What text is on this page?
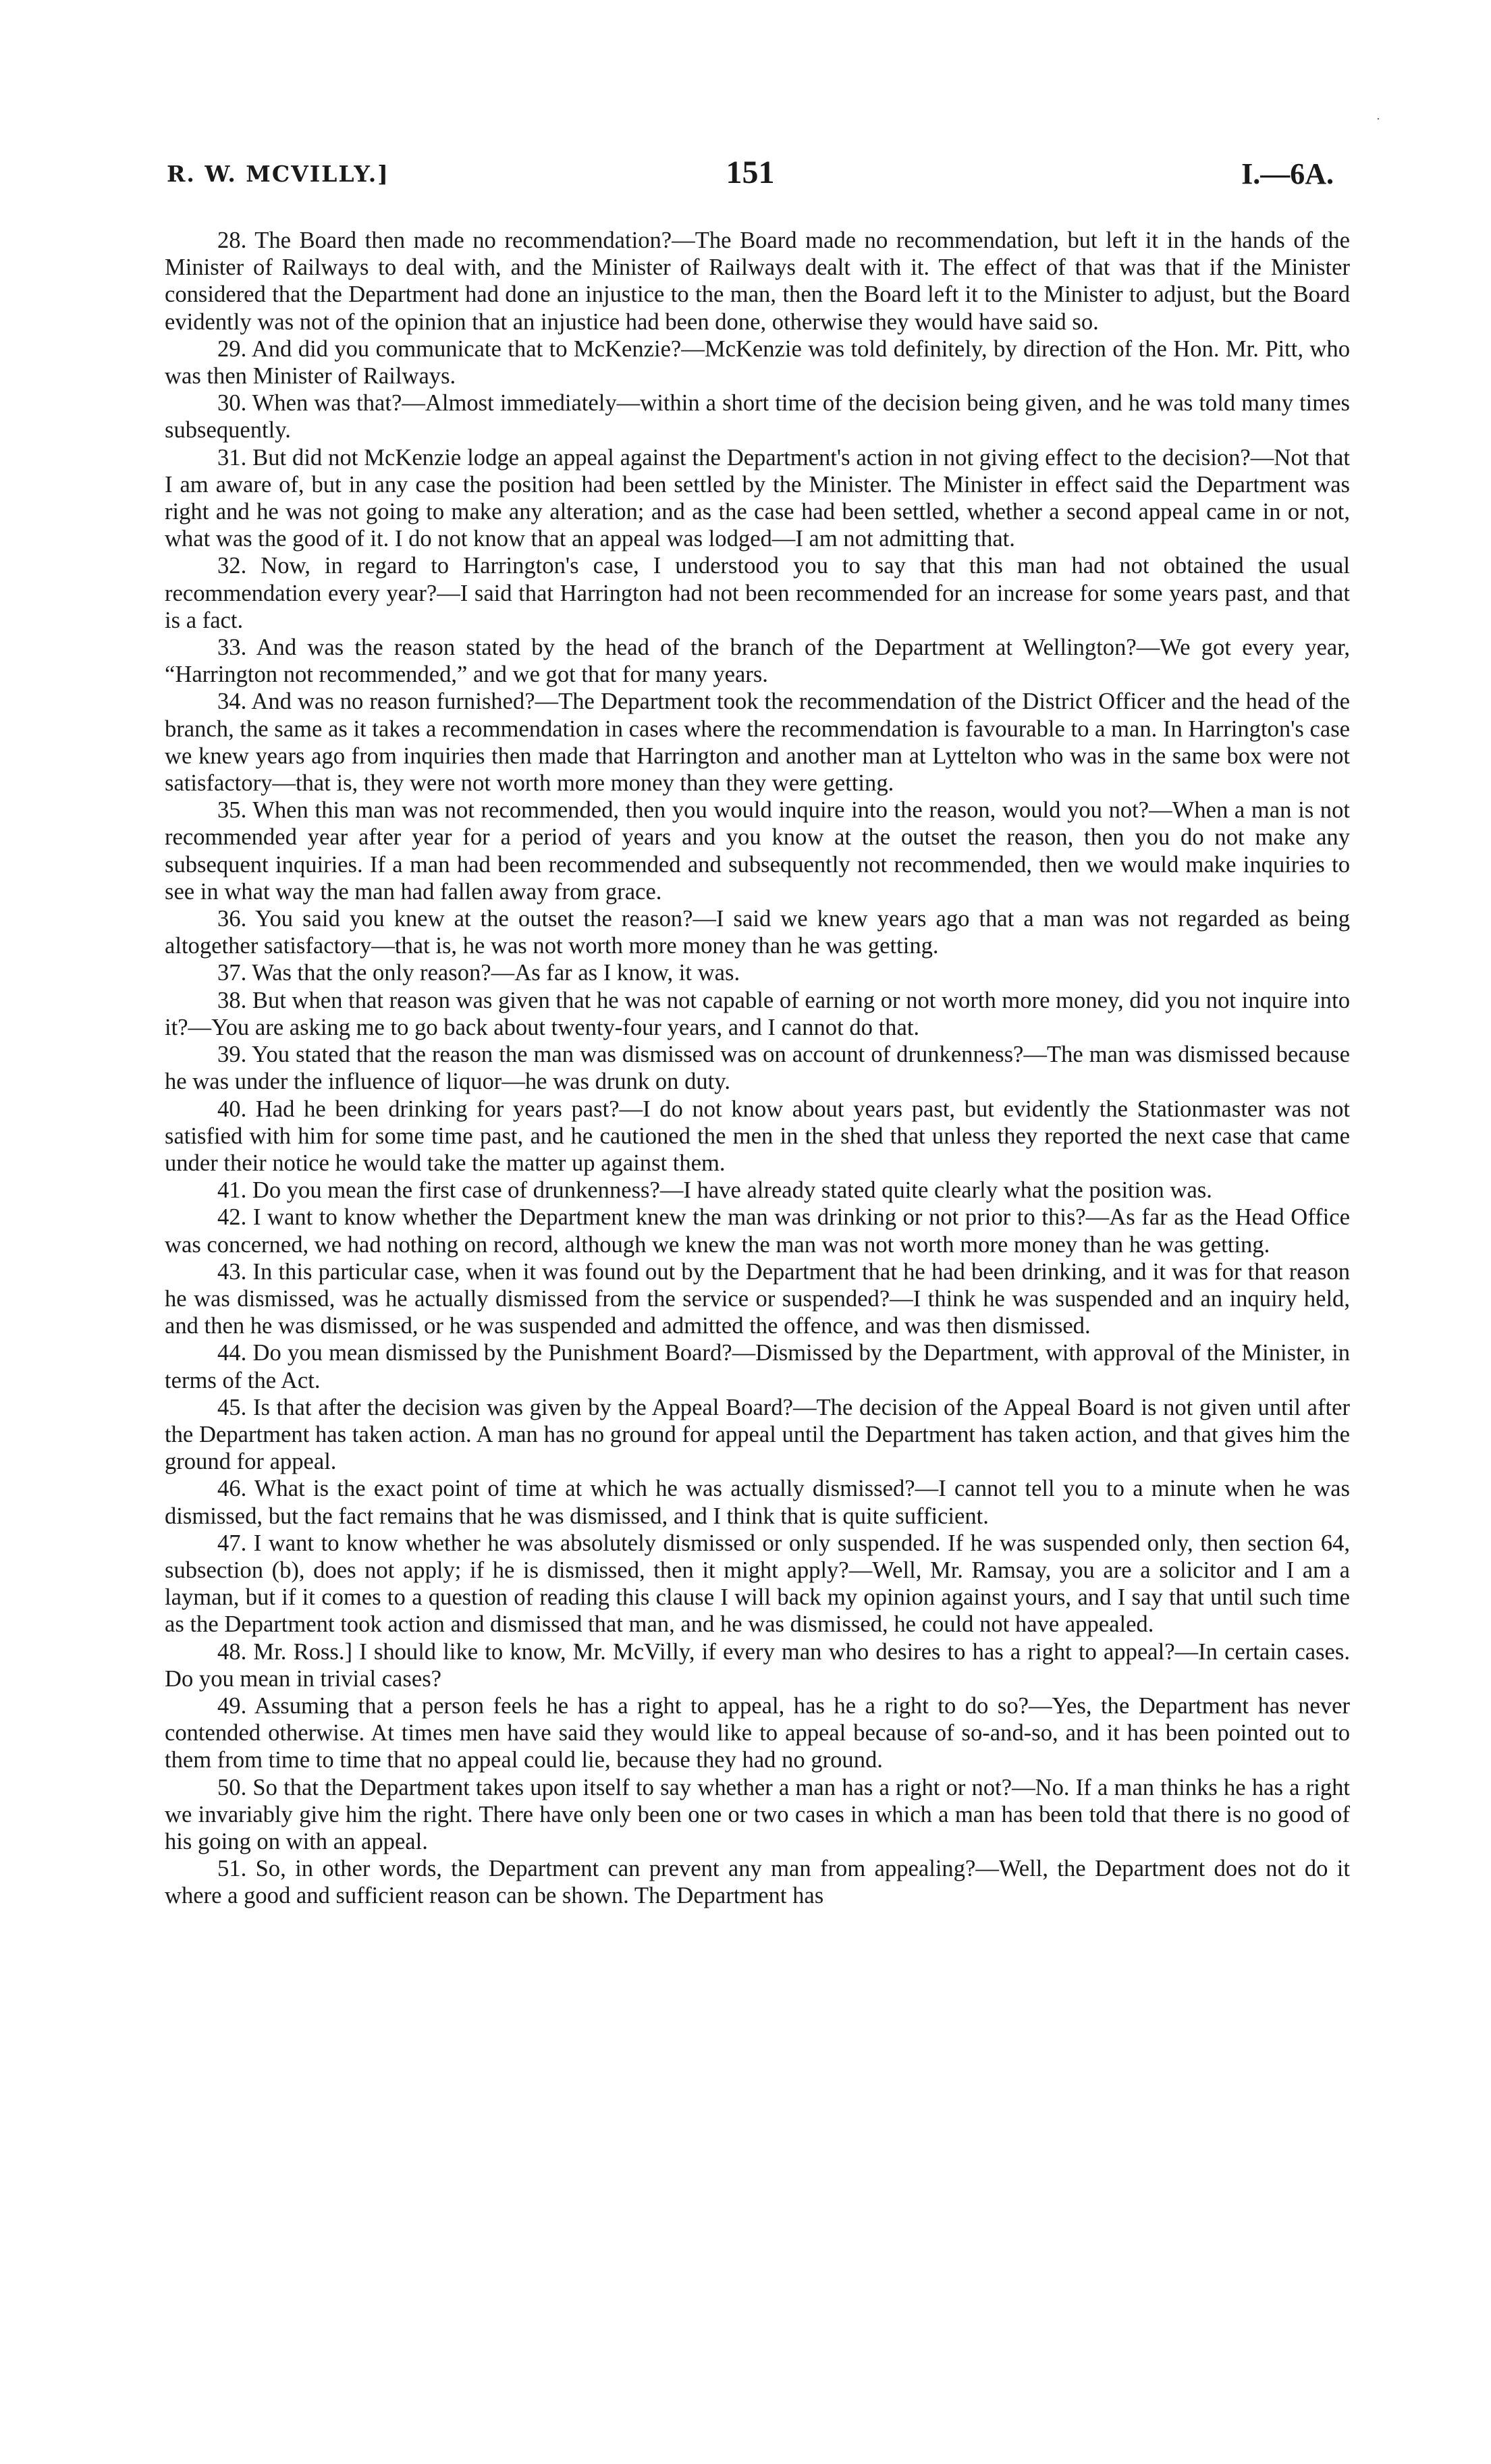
·
R. W. MCVILLY.]	151	I.—6A.

28. The Board then made no recommendation?—The Board made no recommendation, but left it in the hands of the Minister of Railways to deal with, and the Minister of Railways dealt with it. The effect of that was that if the Minister considered that the Department had done an injustice to the man, then the Board left it to the Minister to adjust, but the Board evidently was not of the opinion that an injustice had been done, otherwise they would have said so.

29. And did you communicate that to McKenzie?—McKenzie was told definitely, by direction of the Hon. Mr. Pitt, who was then Minister of Railways.

30. When was that?—Almost immediately—within a short time of the decision being given, and he was told many times subsequently.

31. But did not McKenzie lodge an appeal against the Department's action in not giving effect to the decision?—Not that I am aware of, but in any case the position had been settled by the Minister. The Minister in effect said the Department was right and he was not going to make any alteration; and as the case had been settled, whether a second appeal came in or not, what was the good of it. I do not know that an appeal was lodged—I am not admitting that.

32. Now, in regard to Harrington's case, I understood you to say that this man had not obtained the usual recommendation every year?—I said that Harrington had not been recommended for an increase for some years past, and that is a fact.

33. And was the reason stated by the head of the branch of the Department at Wellington?—We got every year, “Harrington not recommended,” and we got that for many years.

34. And was no reason furnished?—The Department took the recommendation of the District Officer and the head of the branch, the same as it takes a recommendation in cases where the recommendation is favourable to a man. In Harrington's case we knew years ago from inquiries then made that Harrington and another man at Lyttelton who was in the same box were not satisfactory—that is, they were not worth more money than they were getting.

35. When this man was not recommended, then you would inquire into the reason, would you not?—When a man is not recommended year after year for a period of years and you know at the outset the reason, then you do not make any subsequent inquiries. If a man had been recommended and subsequently not recommended, then we would make inquiries to see in what way the man had fallen away from grace.

36. You said you knew at the outset the reason?—I said we knew years ago that a man was not regarded as being altogether satisfactory—that is, he was not worth more money than he was getting.

37. Was that the only reason?—As far as I know, it was.

38. But when that reason was given that he was not capable of earning or not worth more money, did you not inquire into it?—You are asking me to go back about twenty-four years, and I cannot do that.

39. You stated that the reason the man was dismissed was on account of drunkenness?—The man was dismissed because he was under the influence of liquor—he was drunk on duty.

40. Had he been drinking for years past?—I do not know about years past, but evidently the Stationmaster was not satisfied with him for some time past, and he cautioned the men in the shed that unless they reported the next case that came under their notice he would take the matter up against them.

41. Do you mean the first case of drunkenness?—I have already stated quite clearly what the position was.

42. I want to know whether the Department knew the man was drinking or not prior to this?—As far as the Head Office was concerned, we had nothing on record, although we knew the man was not worth more money than he was getting.

43. In this particular case, when it was found out by the Department that he had been drinking, and it was for that reason he was dismissed, was he actually dismissed from the service or suspended?—I think he was suspended and an inquiry held, and then he was dismissed, or he was suspended and admitted the offence, and was then dismissed.

44. Do you mean dismissed by the Punishment Board?—Dismissed by the Department, with approval of the Minister, in terms of the Act.

45. Is that after the decision was given by the Appeal Board?—The decision of the Appeal Board is not given until after the Department has taken action. A man has no ground for appeal until the Department has taken action, and that gives him the ground for appeal.

46. What is the exact point of time at which he was actually dismissed?—I cannot tell you to a minute when he was dismissed, but the fact remains that he was dismissed, and I think that is quite sufficient.

47. I want to know whether he was absolutely dismissed or only suspended. If he was suspended only, then section 64, subsection (b), does not apply; if he is dismissed, then it might apply?—Well, Mr. Ramsay, you are a solicitor and I am a layman, but if it comes to a question of reading this clause I will back my opinion against yours, and I say that until such time as the Department took action and dismissed that man, and he was dismissed, he could not have appealed.

48. Mr. Ross.] I should like to know, Mr. McVilly, if every man who desires to has a right to appeal?—In certain cases. Do you mean in trivial cases?

49. Assuming that a person feels he has a right to appeal, has he a right to do so?—Yes, the Department has never contended otherwise. At times men have said they would like to appeal because of so-and-so, and it has been pointed out to them from time to time that no appeal could lie, because they had no ground.

50. So that the Department takes upon itself to say whether a man has a right or not?—No. If a man thinks he has a right we invariably give him the right. There have only been one or two cases in which a man has been told that there is no good of his going on with an appeal.

51. So, in other words, the Department can prevent any man from appealing?—Well, the Department does not do it where a good and sufficient reason can be shown. The Department has
